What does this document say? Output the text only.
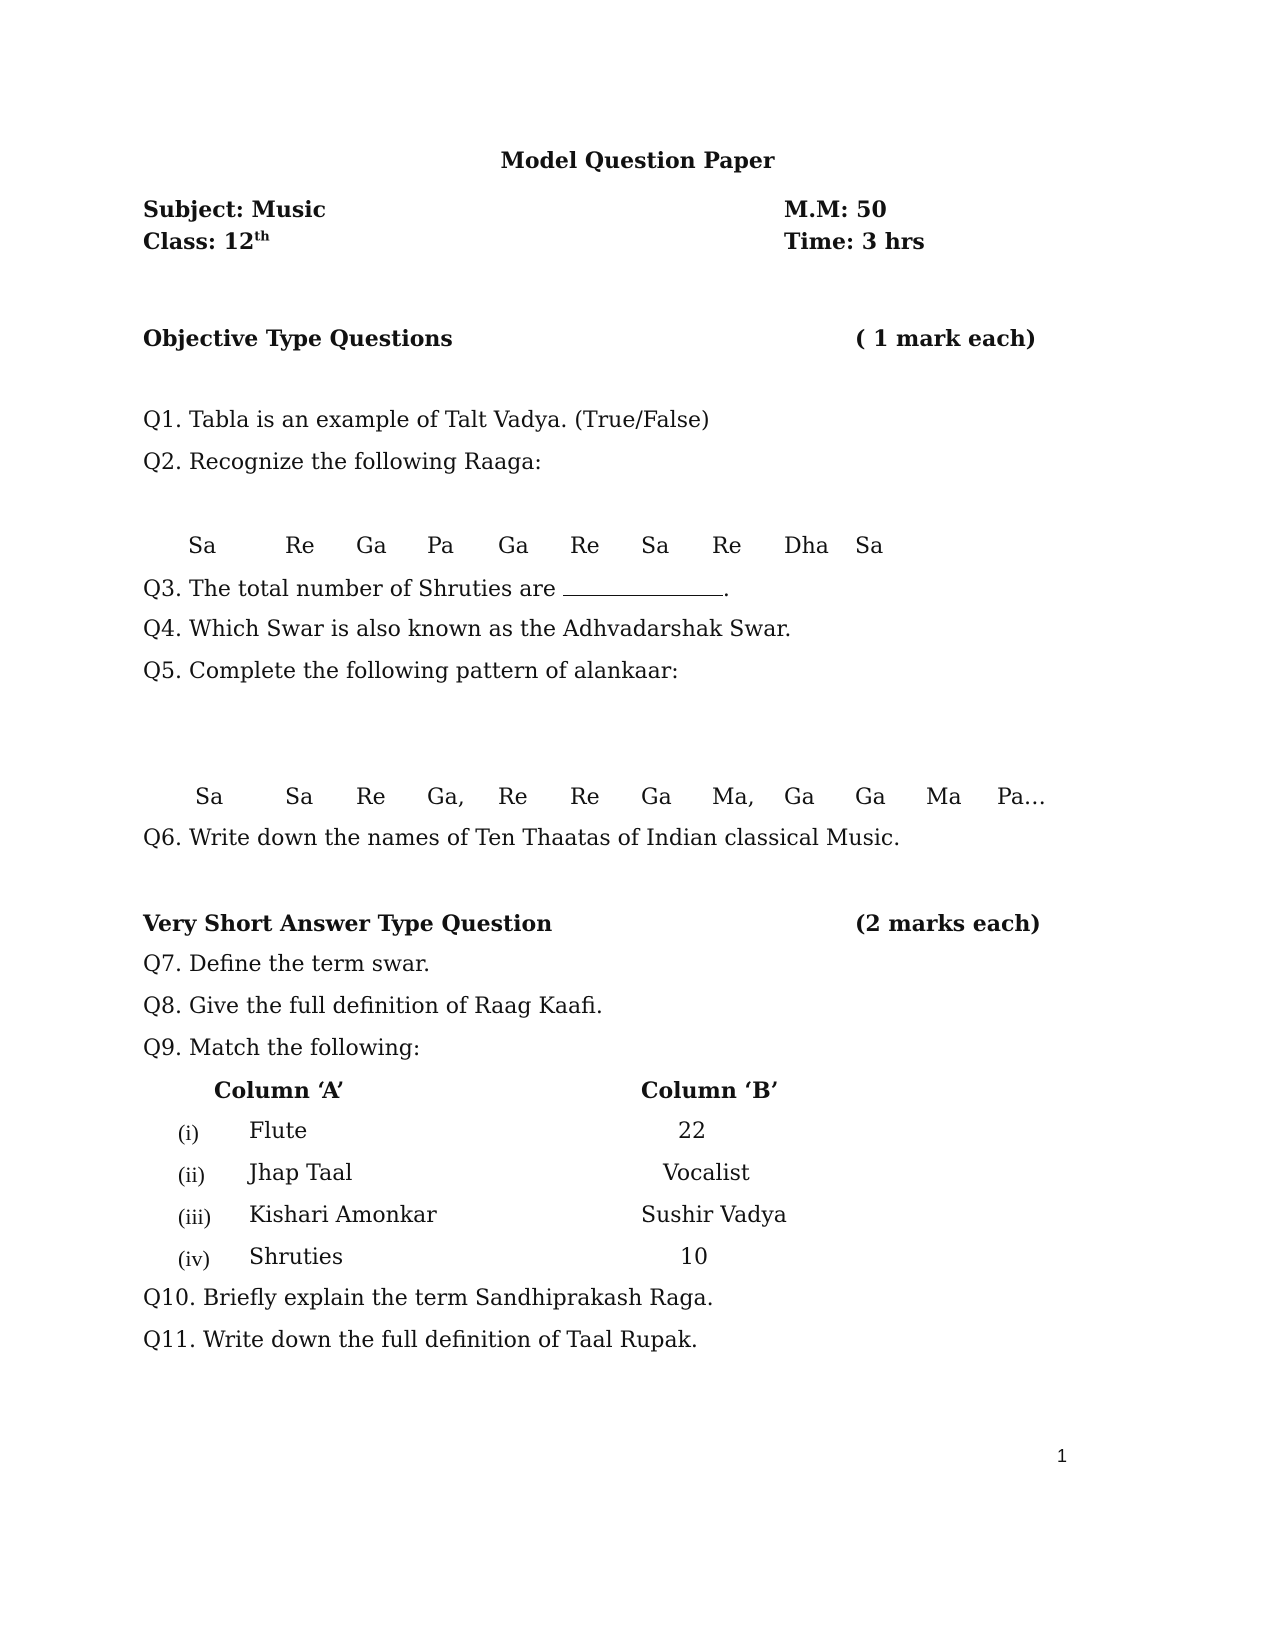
Model Question Paper
Subject: Music
Class: 12th
M.M: 50
Time: 3 hrs
Objective Type Questions	( 1 mark each)
Q1. Tabla is an example of Talt Vadya. (True/False)
Q2. Recognize the following Raaga:
Sa	Re Ga Pa Ga Re Sa Re Dha Sa
Q3. The total number of Shruties are	.
Q4. Which Swar is also known as the Adhvadarshak Swar.
Q5. Complete the following pattern of alankaar:
Sa	Sa Re Ga, Re Re Ga Ma, Ga Ga Ma Pa…
Q6. Write down the names of Ten Thaatas of Indian classical Music.
Very Short Answer Type Question	(2 marks each)
Q7. Define the term swar.
Q8. Give the full definition of Raag Kaafi.
Q9. Match the following:
Column ‘A’	Column ‘B’
(i) Flute	22
(ii) Jhap Taal	Vocalist
(iii) Kishari Amonkar	Sushir Vadya
(iv) Shruties	10
Q10. Briefly explain the term Sandhiprakash Raga.
Q11. Write down the full definition of Taal Rupak.
1
